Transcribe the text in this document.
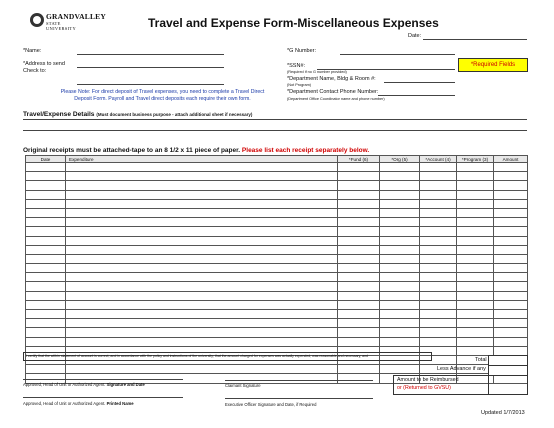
GRANDVALLEY
STATE UNIVERSITY	Travel and Expense Form-Miscellaneous Expenses
Date:
*Name:
*Address to send
Check to:
Please Note: For direct deposit of Travel expenses, you need to complete a Travel Direct Deposit Form. Payroll and Travel direct deposits each require their own form.
*G Number:
*SSN#:
(Required if no G number provided)
*Required Fields
*Department Name, Bldg & Room #:
(Not Program)
*Department Contact Phone Number:
(Department Office Coordinator name and phone number)
Travel/Expense Details (Must document business purpose - attach additional sheet if necessary)
Original receipts must be attached-tape to an 8 1/2 x 11 piece of paper. Please list each receipt separately below.
Date	Expenditure	*Fund (6)	*Org (5)	*Account (4)	*Program (3)	Amount

I certify that the within statement of account is correct, and in accordance with the policy and instructions of the university; that the amount charged for expenses was actually expended, was reasonable and necessary, and
Total
Less Advance if any
Amount to be Reimbursed
or (Returned to GVSU)
Approved, Head of Unit or Authorized Agent. Signature and Date	Claimant Signature
Approved, Head of Unit or Authorized Agent. Printed Name	Executive Officer Signature and Date, if Required
Updated 1/7/2013
